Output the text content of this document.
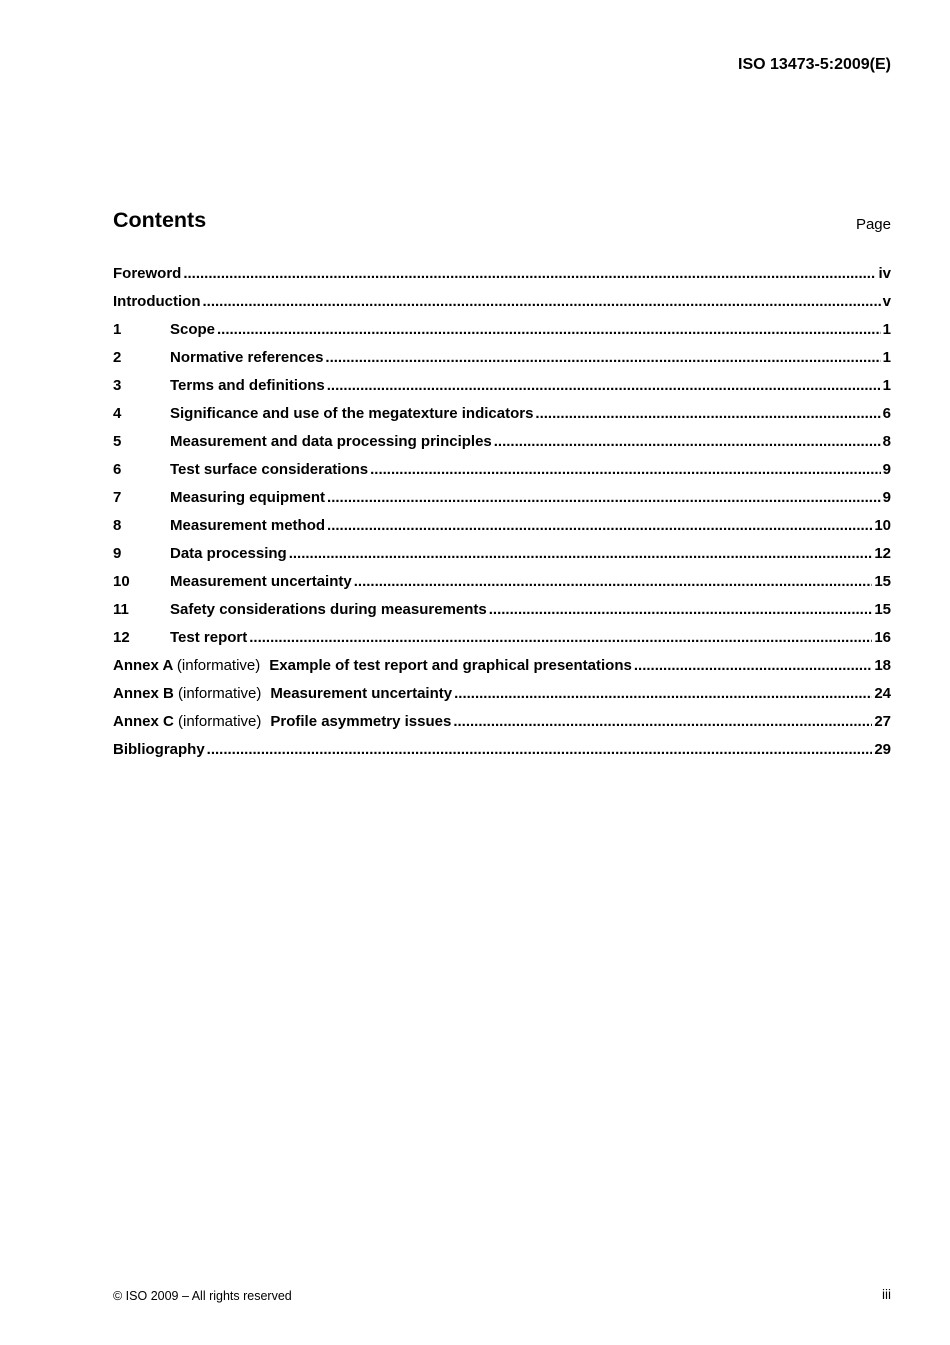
ISO 13473-5:2009(E)
Contents	Page
Foreword .....	iv
Introduction .....	v
1	Scope .....	1
2	Normative references .....	1
3	Terms and definitions .....	1
4	Significance and use of the megatexture indicators .....	6
5	Measurement and data processing principles .....	8
6	Test surface considerations .....	9
7	Measuring equipment .....	9
8	Measurement method .....	10
9	Data processing .....	12
10	Measurement uncertainty .....	15
11	Safety considerations during measurements .....	15
12	Test report .....	16
Annex A (informative) Example of test report and graphical presentations .....	18
Annex B (informative) Measurement uncertainty .....	24
Annex C (informative) Profile asymmetry issues .....	27
Bibliography .....	29
© ISO 2009 – All rights reserved	iii
